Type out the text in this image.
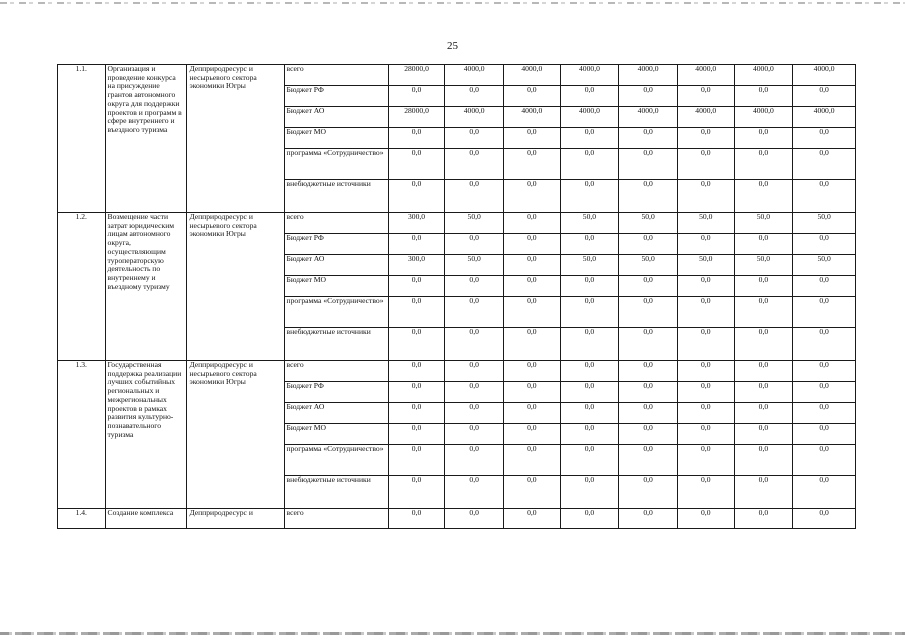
25
1.1.	Организация и проведение конкурса на присуждение грантов автономного округа для поддержки проектов и программ в сфере внутреннего и въездного туризма	Депприродресурс и несырьевого сектора экономики Югры	всего	28000,0	4000,0	4000,0	4000,0	4000,0	4000,0	4000,0	4000,0
			Бюджет РФ	0,0	0,0	0,0	0,0	0,0	0,0	0,0	0,0
			Бюджет АО	28000,0	4000,0	4000,0	4000,0	4000,0	4000,0	4000,0	4000,0
			Бюджет МО	0,0	0,0	0,0	0,0	0,0	0,0	0,0	0,0
			программа «Сотрудничество»	0,0	0,0	0,0	0,0	0,0	0,0	0,0	0,0
			внебюджетные источники	0,0	0,0	0,0	0,0	0,0	0,0	0,0	0,0
1.2.	Возмещение части затрат юридическим лицам автономного округа, осуществляющим туроператорскую деятельность по внутреннему и въездному туризму	Депприродресурс и несырьевого сектора экономики Югры	всего	300,0	50,0	0,0	50,0	50,0	50,0	50,0	50,0
			Бюджет РФ	0,0	0,0	0,0	0,0	0,0	0,0	0,0	0,0
			Бюджет АО	300,0	50,0	0,0	50,0	50,0	50,0	50,0	50,0
			Бюджет МО	0,0	0,0	0,0	0,0	0,0	0,0	0,0	0,0
			программа «Сотрудничество»	0,0	0,0	0,0	0,0	0,0	0,0	0,0	0,0
			внебюджетные источники	0,0	0,0	0,0	0,0	0,0	0,0	0,0	0,0
1.3.	Государственная поддержка реализации лучших событийных региональных и межрегиональных проектов в рамках развития культурно-познавательного туризма	Депприродресурс и несырьевого сектора экономики Югры	всего	0,0	0,0	0,0	0,0	0,0	0,0	0,0	0,0
			Бюджет РФ	0,0	0,0	0,0	0,0	0,0	0,0	0,0	0,0
			Бюджет АО	0,0	0,0	0,0	0,0	0,0	0,0	0,0	0,0
			Бюджет МО	0,0	0,0	0,0	0,0	0,0	0,0	0,0	0,0
			программа «Сотрудничество»	0,0	0,0	0,0	0,0	0,0	0,0	0,0	0,0
			внебюджетные источники	0,0	0,0	0,0	0,0	0,0	0,0	0,0	0,0
1.4.	Создание комплекса	Депприродресурс и	всего	0,0	0,0	0,0	0,0	0,0	0,0	0,0	0,0
